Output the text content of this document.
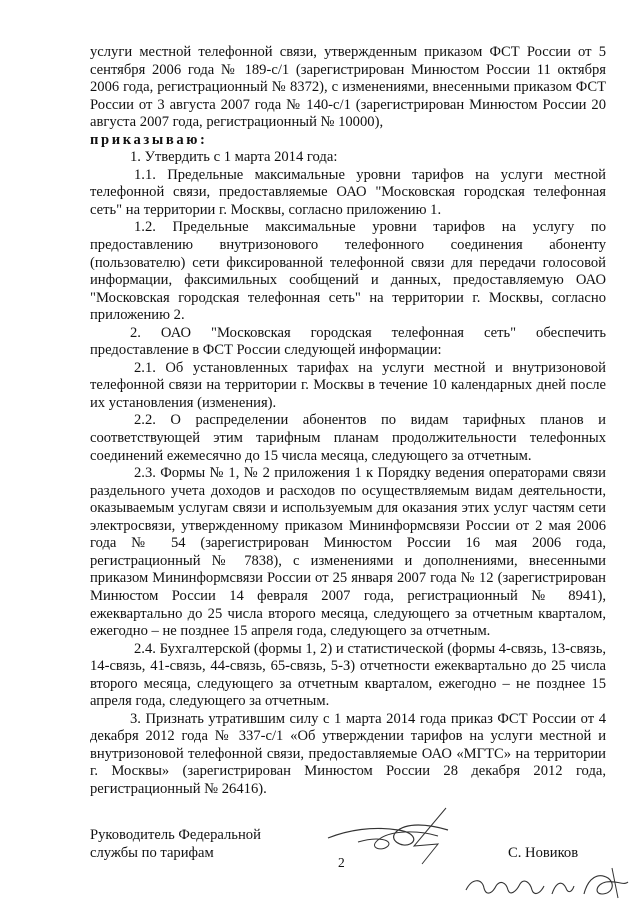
услуги местной телефонной связи, утвержденным приказом ФСТ России от 5 сентября 2006 года № 189-с/1 (зарегистрирован Минюстом России 11 октября 2006 года, регистрационный № 8372), с изменениями, внесенными приказом ФСТ России от 3 августа 2007 года № 140-с/1 (зарегистрирован Минюстом России 20 августа 2007 года, регистрационный № 10000),

приказываю:

1. Утвердить с 1 марта 2014 года:

1.1. Предельные максимальные уровни тарифов на услуги местной телефонной связи, предоставляемые ОАО "Московская городская телефонная сеть" на территории г. Москвы, согласно приложению 1.

1.2. Предельные максимальные уровни тарифов на услугу по предоставлению внутризонового телефонного соединения абоненту (пользователю) сети фиксированной телефонной связи для передачи голосовой информации, факсимильных сообщений и данных, предоставляемую ОАО "Московская городская телефонная сеть" на территории г. Москвы, согласно приложению 2.

2. ОАО "Московская городская телефонная сеть" обеспечить предоставление в ФСТ России следующей информации:

2.1. Об установленных тарифах на услуги местной и внутризоновой телефонной связи на территории г. Москвы в течение 10 календарных дней после их установления (изменения).

2.2. О распределении абонентов по видам тарифных планов и соответствующей этим тарифным планам продолжительности телефонных соединений ежемесячно до 15 числа месяца, следующего за отчетным.

2.3. Формы № 1, № 2 приложения 1 к Порядку ведения операторами связи раздельного учета доходов и расходов по осуществляемым видам деятельности, оказываемым услугам связи и используемым для оказания этих услуг частям сети электросвязи, утвержденному приказом Мининформсвязи России от 2 мая 2006 года № 54 (зарегистрирован Минюстом России 16 мая 2006 года, регистрационный № 7838), с изменениями и дополнениями, внесенными приказом Мининформсвязи России от 25 января 2007 года № 12 (зарегистрирован Минюстом России 14 февраля 2007 года, регистрационный № 8941), ежеквартально до 25 числа второго месяца, следующего за отчетным кварталом, ежегодно – не позднее 15 апреля года, следующего за отчетным.

2.4. Бухгалтерской (формы 1, 2) и статистической (формы 4-связь, 13-связь, 14-связь, 41-связь, 44-связь, 65-связь, 5-З) отчетности ежеквартально до 25 числа второго месяца, следующего за отчетным кварталом, ежегодно – не позднее 15 апреля года, следующего за отчетным.

3. Признать утратившим силу с 1 марта 2014 года приказ ФСТ России от 4 декабря 2012 года № 337-с/1 «Об утверждении тарифов на услуги местной и внутризоновой телефонной связи, предоставляемые ОАО «МГТС» на территории г. Москвы» (зарегистрирован Минюстом России 28 декабря 2012 года, регистрационный № 26416).

Руководитель Федеральной
службы по тарифам	С. Новиков
2
